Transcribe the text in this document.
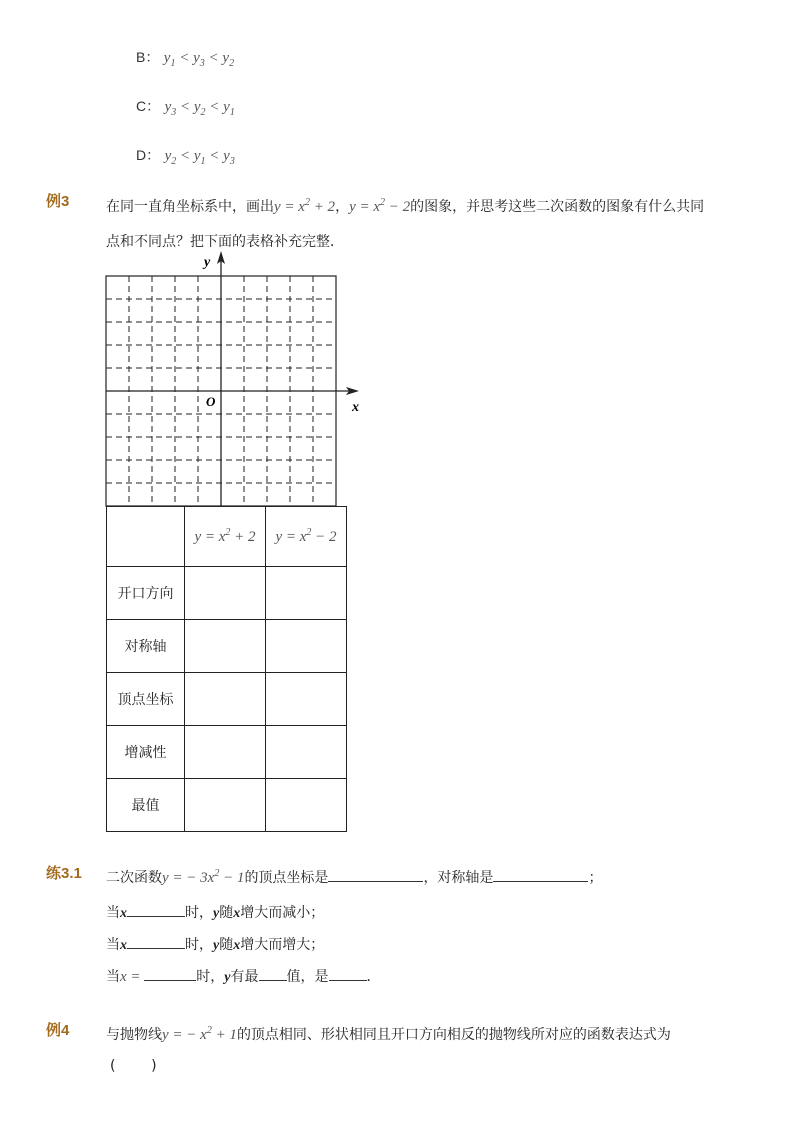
B： $y_1 < y_3 < y_2$
C： $y_3 < y_2 < y_1$
D： $y_2 < y_1 < y_3$
例3	在同一直角坐标系中，画出$y = x^2 + 2$，$y = x^2 - 2$的图象，并思考这些二次函数的图象有什么共同
点和不同点？把下面的表格补充完整．
y
x
O
	$y = x^2 + 2$	$y = x^2 - 2$
开口方向		
对称轴		
顶点坐标		
增减性		
最值		
练3.1 二次函数y = − $3x^2 - 1$的顶点坐标是	，对称轴是	；
当x	时，y随x增大而减小；
当x	时，y随x增大而增大；
当x =	时，y有最 值，是	．
例4	与抛物线y = − $x^2 + 1$的顶点相同、形状相同且开口方向相反的抛物线所对应的函数表达式为
(        )
